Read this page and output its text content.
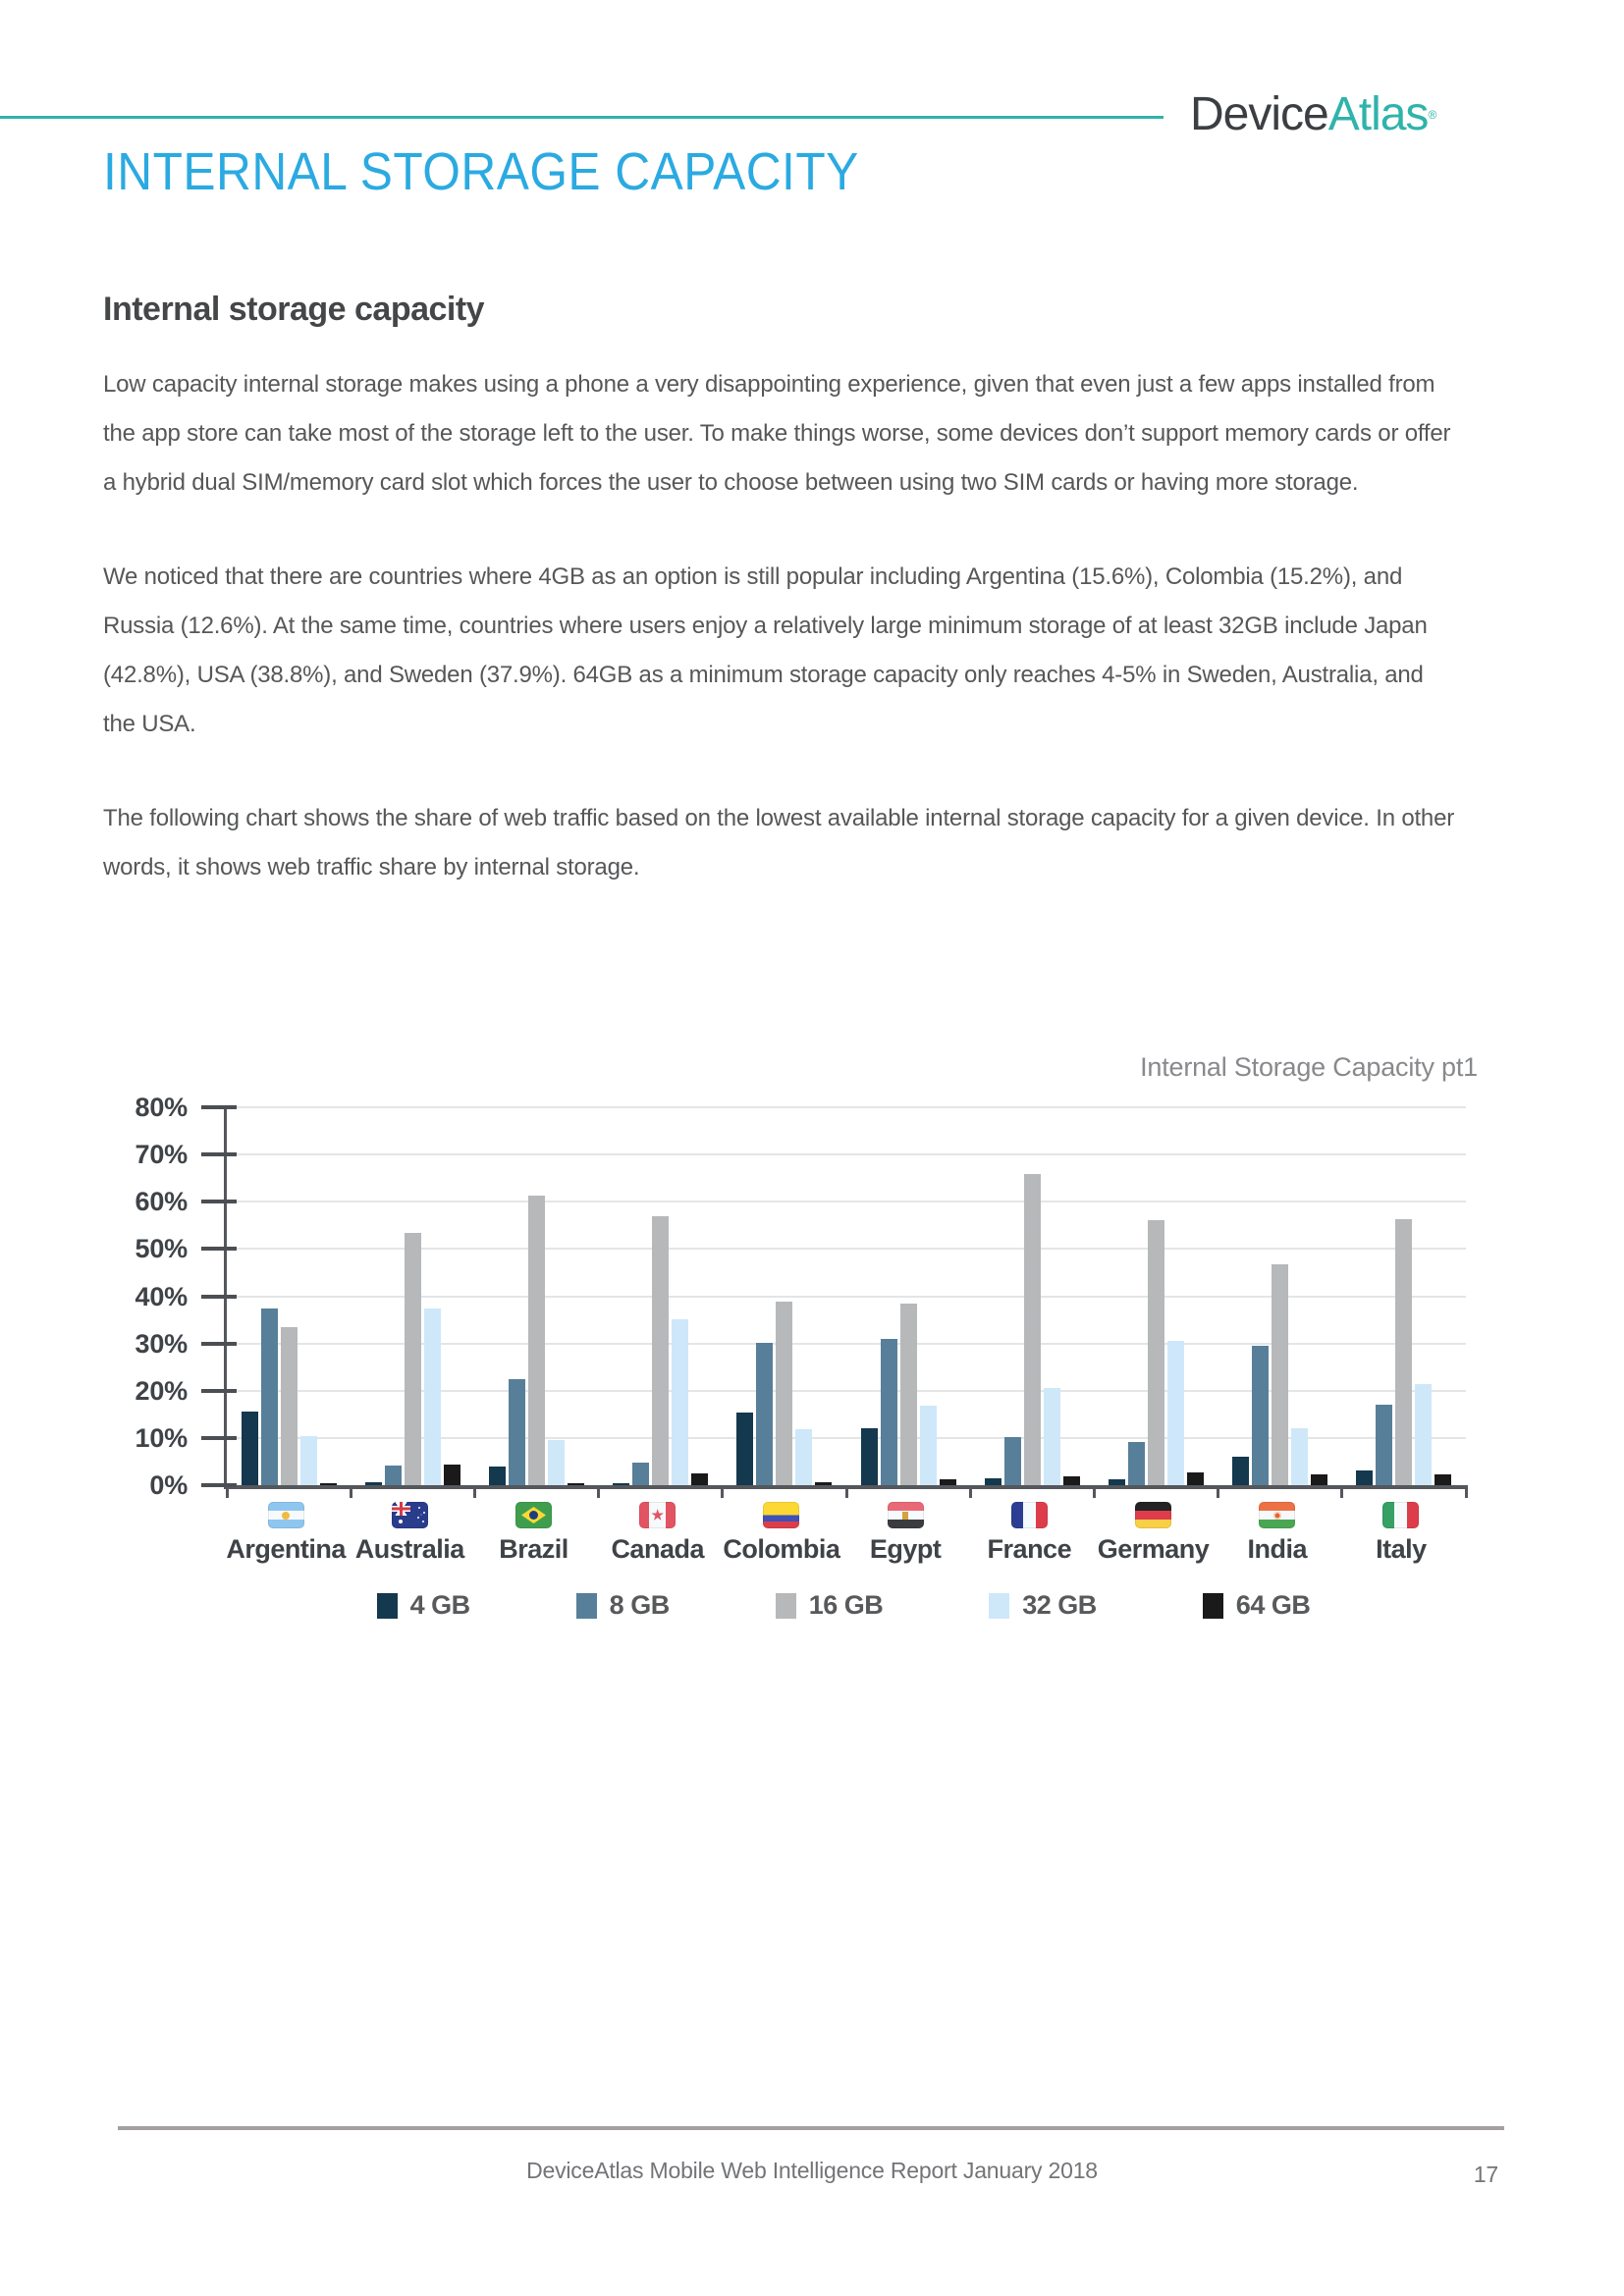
DeviceAtlas®
INTERNAL STORAGE CAPACITY
Internal storage capacity

Low capacity internal storage makes using a phone a very disappointing experience, given that even just a few apps installed from the app store can take most of the storage left to the user. To make things worse, some devices don’t support memory cards or offer a hybrid dual SIM/memory card slot which forces the user to choose between using two SIM cards or having more storage.

We noticed that there are countries where 4GB as an option is still popular including Argentina (15.6%), Colombia (15.2%), and Russia (12.6%). At the same time, countries where users enjoy a relatively large minimum storage of at least 32GB include Japan (42.8%), USA (38.8%), and Sweden (37.9%). 64GB as a minimum storage capacity only reaches 4-5% in Sweden, Australia, and the USA.

The following chart shows the share of web traffic based on the lowest available internal storage capacity for a given device. In other words, it shows web traffic share by internal storage.

Internal Storage Capacity pt1
0%
10%
20%
30%
40%
50%
60%
70%
80%
Argentina Australia	Brazil	Canada Colombia	Egypt	France Germany	India	Italy
4 GB	8 GB	16 GB	32 GB	64 GB
DeviceAtlas Mobile Web Intelligence Report January 2018	17
